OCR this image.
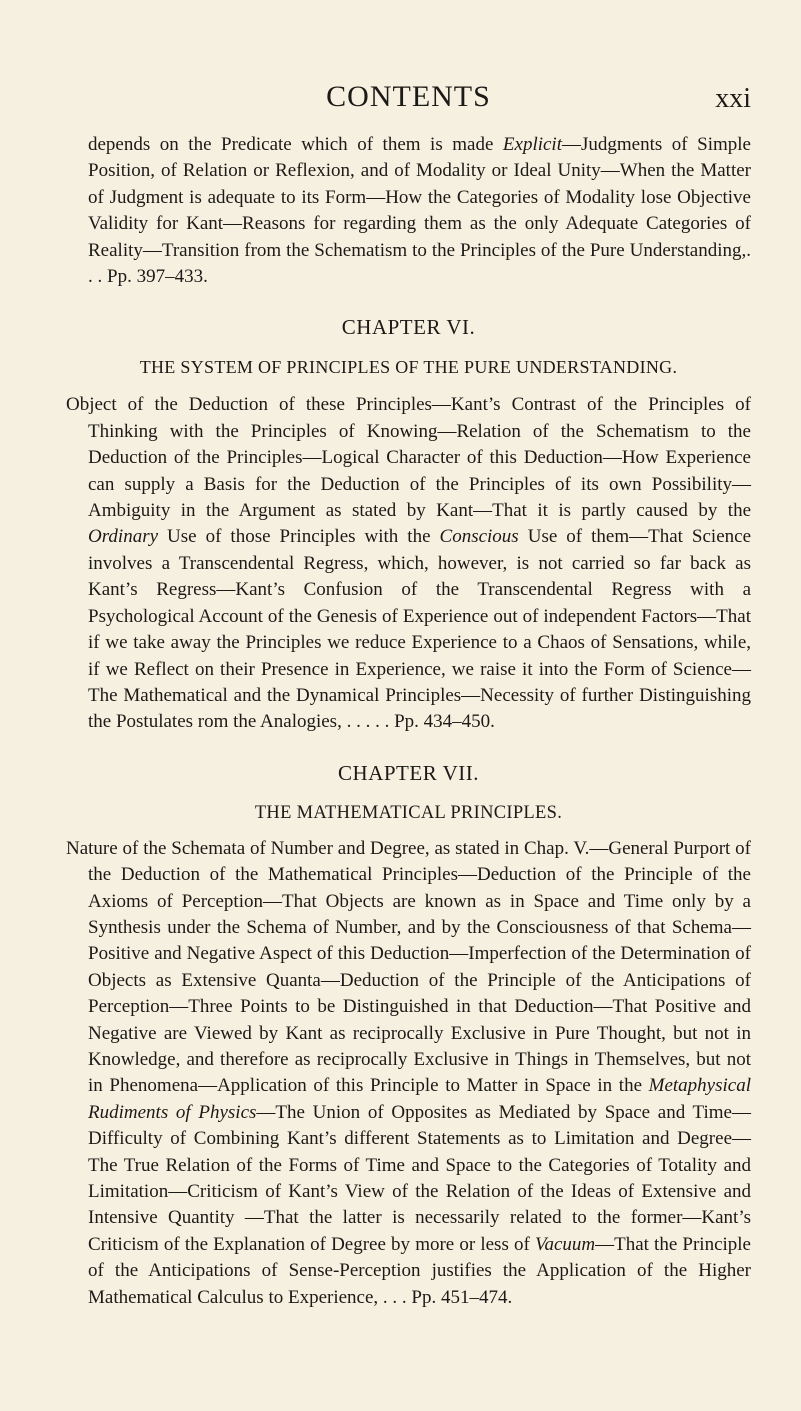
CONTENTS	xxi

depends on the Predicate which of them is made Explicit—Judgments of Simple Position, of Relation or Reflexion, and of Modality or Ideal Unity—When the Matter of Judgment is adequate to its Form—How the Categories of Modality lose Objective Validity for Kant—Reasons for regarding them as the only Adequate Categories of Reality—Transition from the Schematism to the Principles of the Pure Understanding,. . . Pp. 397–433.

CHAPTER VI.
THE SYSTEM OF PRINCIPLES OF THE PURE UNDERSTANDING.

Object of the Deduction of these Principles—Kant’s Contrast of the Principles of Thinking with the Principles of Knowing—Relation of the Schematism to the Deduction of the Principles—Logical Character of this Deduction—How Experience can supply a Basis for the Deduction of the Principles of its own Possibility—Ambiguity in the Argument as stated by Kant—That it is partly caused by the Ordinary Use of those Principles with the Conscious Use of them—That Science involves a Transcendental Regress, which, however, is not carried so far back as Kant’s Regress—Kant’s Confusion of the Transcendental Regress with a Psychological Account of the Genesis of Experience out of independent Factors—That if we take away the Principles we reduce Experience to a Chaos of Sensations, while, if we Reflect on their Presence in Experience, we raise it into the Form of Science—The Mathematical and the Dynamical Principles—Necessity of further Distinguishing the Postulates rom the Analogies, . . . . . Pp. 434–450.

CHAPTER VII.
THE MATHEMATICAL PRINCIPLES.

Nature of the Schemata of Number and Degree, as stated in Chap. V.—General Purport of the Deduction of the Mathematical Principles—Deduction of the Principle of the Axioms of Perception—That Objects are known as in Space and Time only by a Synthesis under the Schema of Number, and by the Consciousness of that Schema—Positive and Negative Aspect of this Deduction—Imperfection of the Determination of Objects as Extensive Quanta—Deduction of the Principle of the Anticipations of Perception—Three Points to be Distinguished in that Deduction—That Positive and Negative are Viewed by Kant as reciprocally Exclusive in Pure Thought, but not in Knowledge, and therefore as reciprocally Exclusive in Things in Themselves, but not in Phenomena—Application of this Principle to Matter in Space in the Metaphysical Rudiments of Physics—The Union of Opposites as Mediated by Space and Time—Difficulty of Combining Kant’s different Statements as to Limitation and Degree—The True Relation of the Forms of Time and Space to the Categories of Totality and Limitation—Criticism of Kant’s View of the Relation of the Ideas of Extensive and Intensive Quantity —That the latter is necessarily related to the former—Kant’s Criticism of the Explanation of Degree by more or less of Vacuum—That the Principle of the Anticipations of Sense-Perception justifies the Application of the Higher Mathematical Calculus to Experience, . . . Pp. 451–474.
